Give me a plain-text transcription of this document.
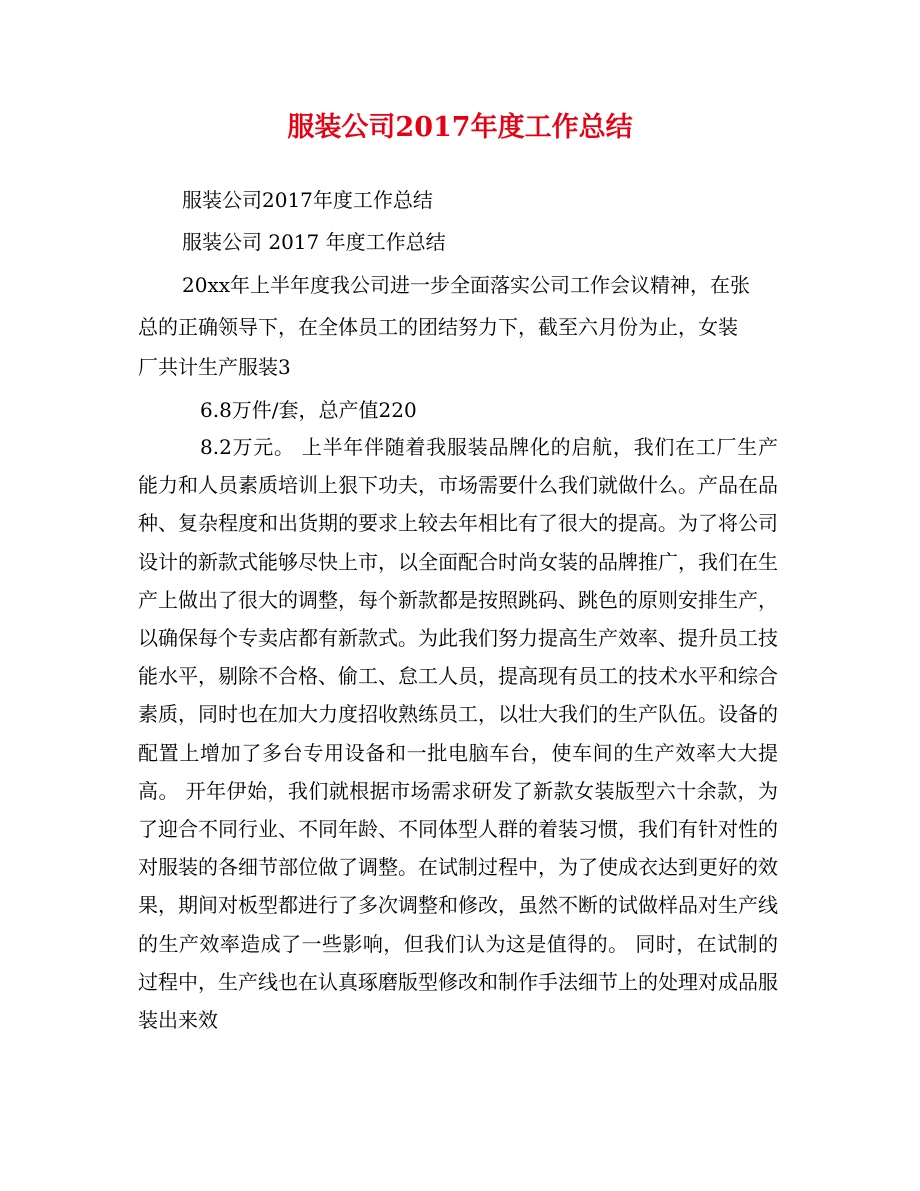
服装公司2017年度工作总结

服装公司2017年度工作总结

服装公司 2017 年度工作总结

20xx年上半年度我公司进一步全面落实公司工作会议精神，在张

总的正确领导下，在全体员工的团结努力下，截至六月份为止，女装

厂共计生产服装3

6.8万件/套，总产值220

8.2万元。 上半年伴随着我服装品牌化的启航，我们在工厂生产能力和人员素质培训上狠下功夫，市场需要什么我们就做什么。产品在品种、复杂程度和出货期的要求上较去年相比有了很大的提高。为了将公司设计的新款式能够尽快上市，以全面配合时尚女装的品牌推广，我们在生产上做出了很大的调整，每个新款都是按照跳码、跳色的原则安排生产，以确保每个专卖店都有新款式。为此我们努力提高生产效率、提升员工技能水平，剔除不合格、偷工、怠工人员，提高现有员工的技术水平和综合素质，同时也在加大力度招收熟练员工，以壮大我们的生产队伍。设备的配置上增加了多台专用设备和一批电脑车台，使车间的生产效率大大提高。 开年伊始，我们就根据市场需求研发了新款女装版型六十余款，为了迎合不同行业、不同年龄、不同体型人群的着装习惯，我们有针对性的对服装的各细节部位做了调整。在试制过程中，为了使成衣达到更好的效果，期间对板型都进行了多次调整和修改，虽然不断的试做样品对生产线的生产效率造成了一些影响，但我们认为这是值得的。 同时，在试制的过程中，生产线也在认真琢磨版型修改和制作手法细节上的处理对成品服装出来效
